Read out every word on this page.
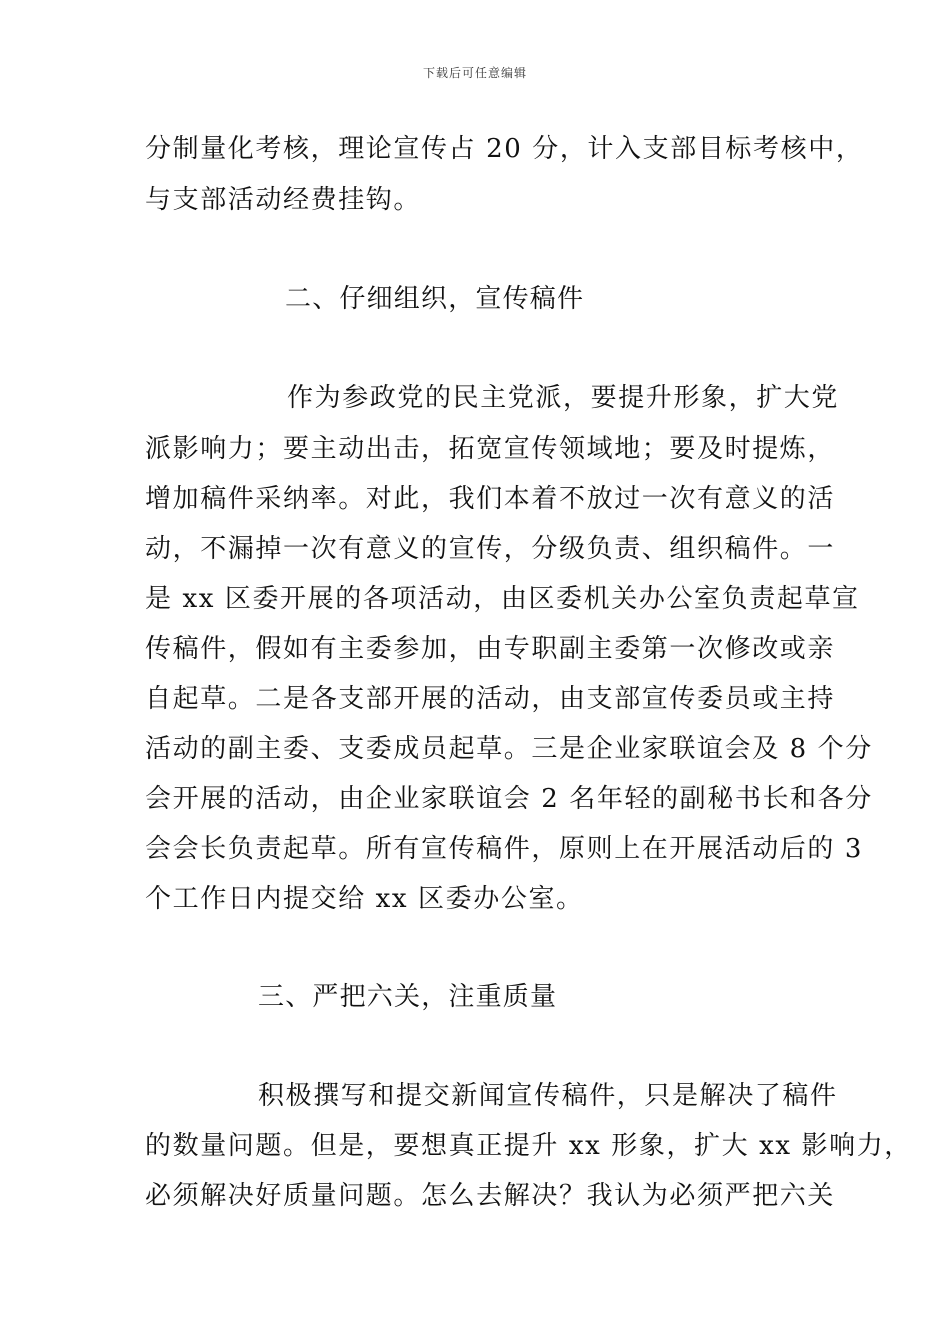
下载后可任意编辑
分制量化考核，理论宣传占 20 分，计入支部目标考核中，
与支部活动经费挂钩。
二、仔细组织，宣传稿件
作为参政党的民主党派，要提升形象，扩大党
派影响力；要主动出击，拓宽宣传领域地；要及时提炼，
增加稿件采纳率。对此，我们本着不放过一次有意义的活
动，不漏掉一次有意义的宣传，分级负责、组织稿件。一
是 xx 区委开展的各项活动，由区委机关办公室负责起草宣
传稿件，假如有主委参加，由专职副主委第一次修改或亲
自起草。二是各支部开展的活动，由支部宣传委员或主持
活动的副主委、支委成员起草。三是企业家联谊会及 8 个分
会开展的活动，由企业家联谊会 2 名年轻的副秘书长和各分
会会长负责起草。所有宣传稿件，原则上在开展活动后的 3
个工作日内提交给 xx 区委办公室。
三、严把六关，注重质量
积极撰写和提交新闻宣传稿件，只是解决了稿件
的数量问题。但是，要想真正提升 xx 形象，扩大 xx 影响力，
必须解决好质量问题。怎么去解决？我认为必须严把六关
